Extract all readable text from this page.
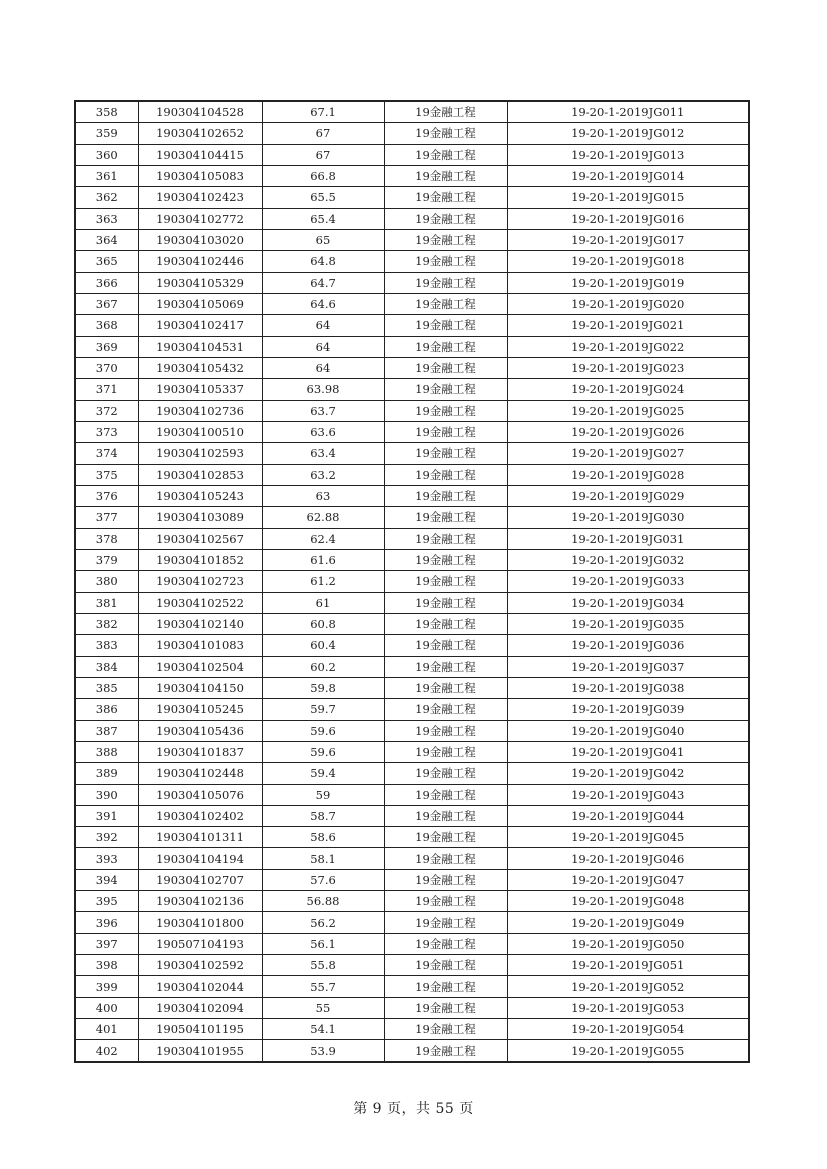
358	190304104528	67.1	19金融工程	19-20-1-2019JG011
359	190304102652	67	19金融工程	19-20-1-2019JG012
360	190304104415	67	19金融工程	19-20-1-2019JG013
361	190304105083	66.8	19金融工程	19-20-1-2019JG014
362	190304102423	65.5	19金融工程	19-20-1-2019JG015
363	190304102772	65.4	19金融工程	19-20-1-2019JG016
364	190304103020	65	19金融工程	19-20-1-2019JG017
365	190304102446	64.8	19金融工程	19-20-1-2019JG018
366	190304105329	64.7	19金融工程	19-20-1-2019JG019
367	190304105069	64.6	19金融工程	19-20-1-2019JG020
368	190304102417	64	19金融工程	19-20-1-2019JG021
369	190304104531	64	19金融工程	19-20-1-2019JG022
370	190304105432	64	19金融工程	19-20-1-2019JG023
371	190304105337	63.98	19金融工程	19-20-1-2019JG024
372	190304102736	63.7	19金融工程	19-20-1-2019JG025
373	190304100510	63.6	19金融工程	19-20-1-2019JG026
374	190304102593	63.4	19金融工程	19-20-1-2019JG027
375	190304102853	63.2	19金融工程	19-20-1-2019JG028
376	190304105243	63	19金融工程	19-20-1-2019JG029
377	190304103089	62.88	19金融工程	19-20-1-2019JG030
378	190304102567	62.4	19金融工程	19-20-1-2019JG031
379	190304101852	61.6	19金融工程	19-20-1-2019JG032
380	190304102723	61.2	19金融工程	19-20-1-2019JG033
381	190304102522	61	19金融工程	19-20-1-2019JG034
382	190304102140	60.8	19金融工程	19-20-1-2019JG035
383	190304101083	60.4	19金融工程	19-20-1-2019JG036
384	190304102504	60.2	19金融工程	19-20-1-2019JG037
385	190304104150	59.8	19金融工程	19-20-1-2019JG038
386	190304105245	59.7	19金融工程	19-20-1-2019JG039
387	190304105436	59.6	19金融工程	19-20-1-2019JG040
388	190304101837	59.6	19金融工程	19-20-1-2019JG041
389	190304102448	59.4	19金融工程	19-20-1-2019JG042
390	190304105076	59	19金融工程	19-20-1-2019JG043
391	190304102402	58.7	19金融工程	19-20-1-2019JG044
392	190304101311	58.6	19金融工程	19-20-1-2019JG045
393	190304104194	58.1	19金融工程	19-20-1-2019JG046
394	190304102707	57.6	19金融工程	19-20-1-2019JG047
395	190304102136	56.88	19金融工程	19-20-1-2019JG048
396	190304101800	56.2	19金融工程	19-20-1-2019JG049
397	190507104193	56.1	19金融工程	19-20-1-2019JG050
398	190304102592	55.8	19金融工程	19-20-1-2019JG051
399	190304102044	55.7	19金融工程	19-20-1-2019JG052
400	190304102094	55	19金融工程	19-20-1-2019JG053
401	190504101195	54.1	19金融工程	19-20-1-2019JG054
402	190304101955	53.9	19金融工程	19-20-1-2019JG055
第 9 页，共 55 页
